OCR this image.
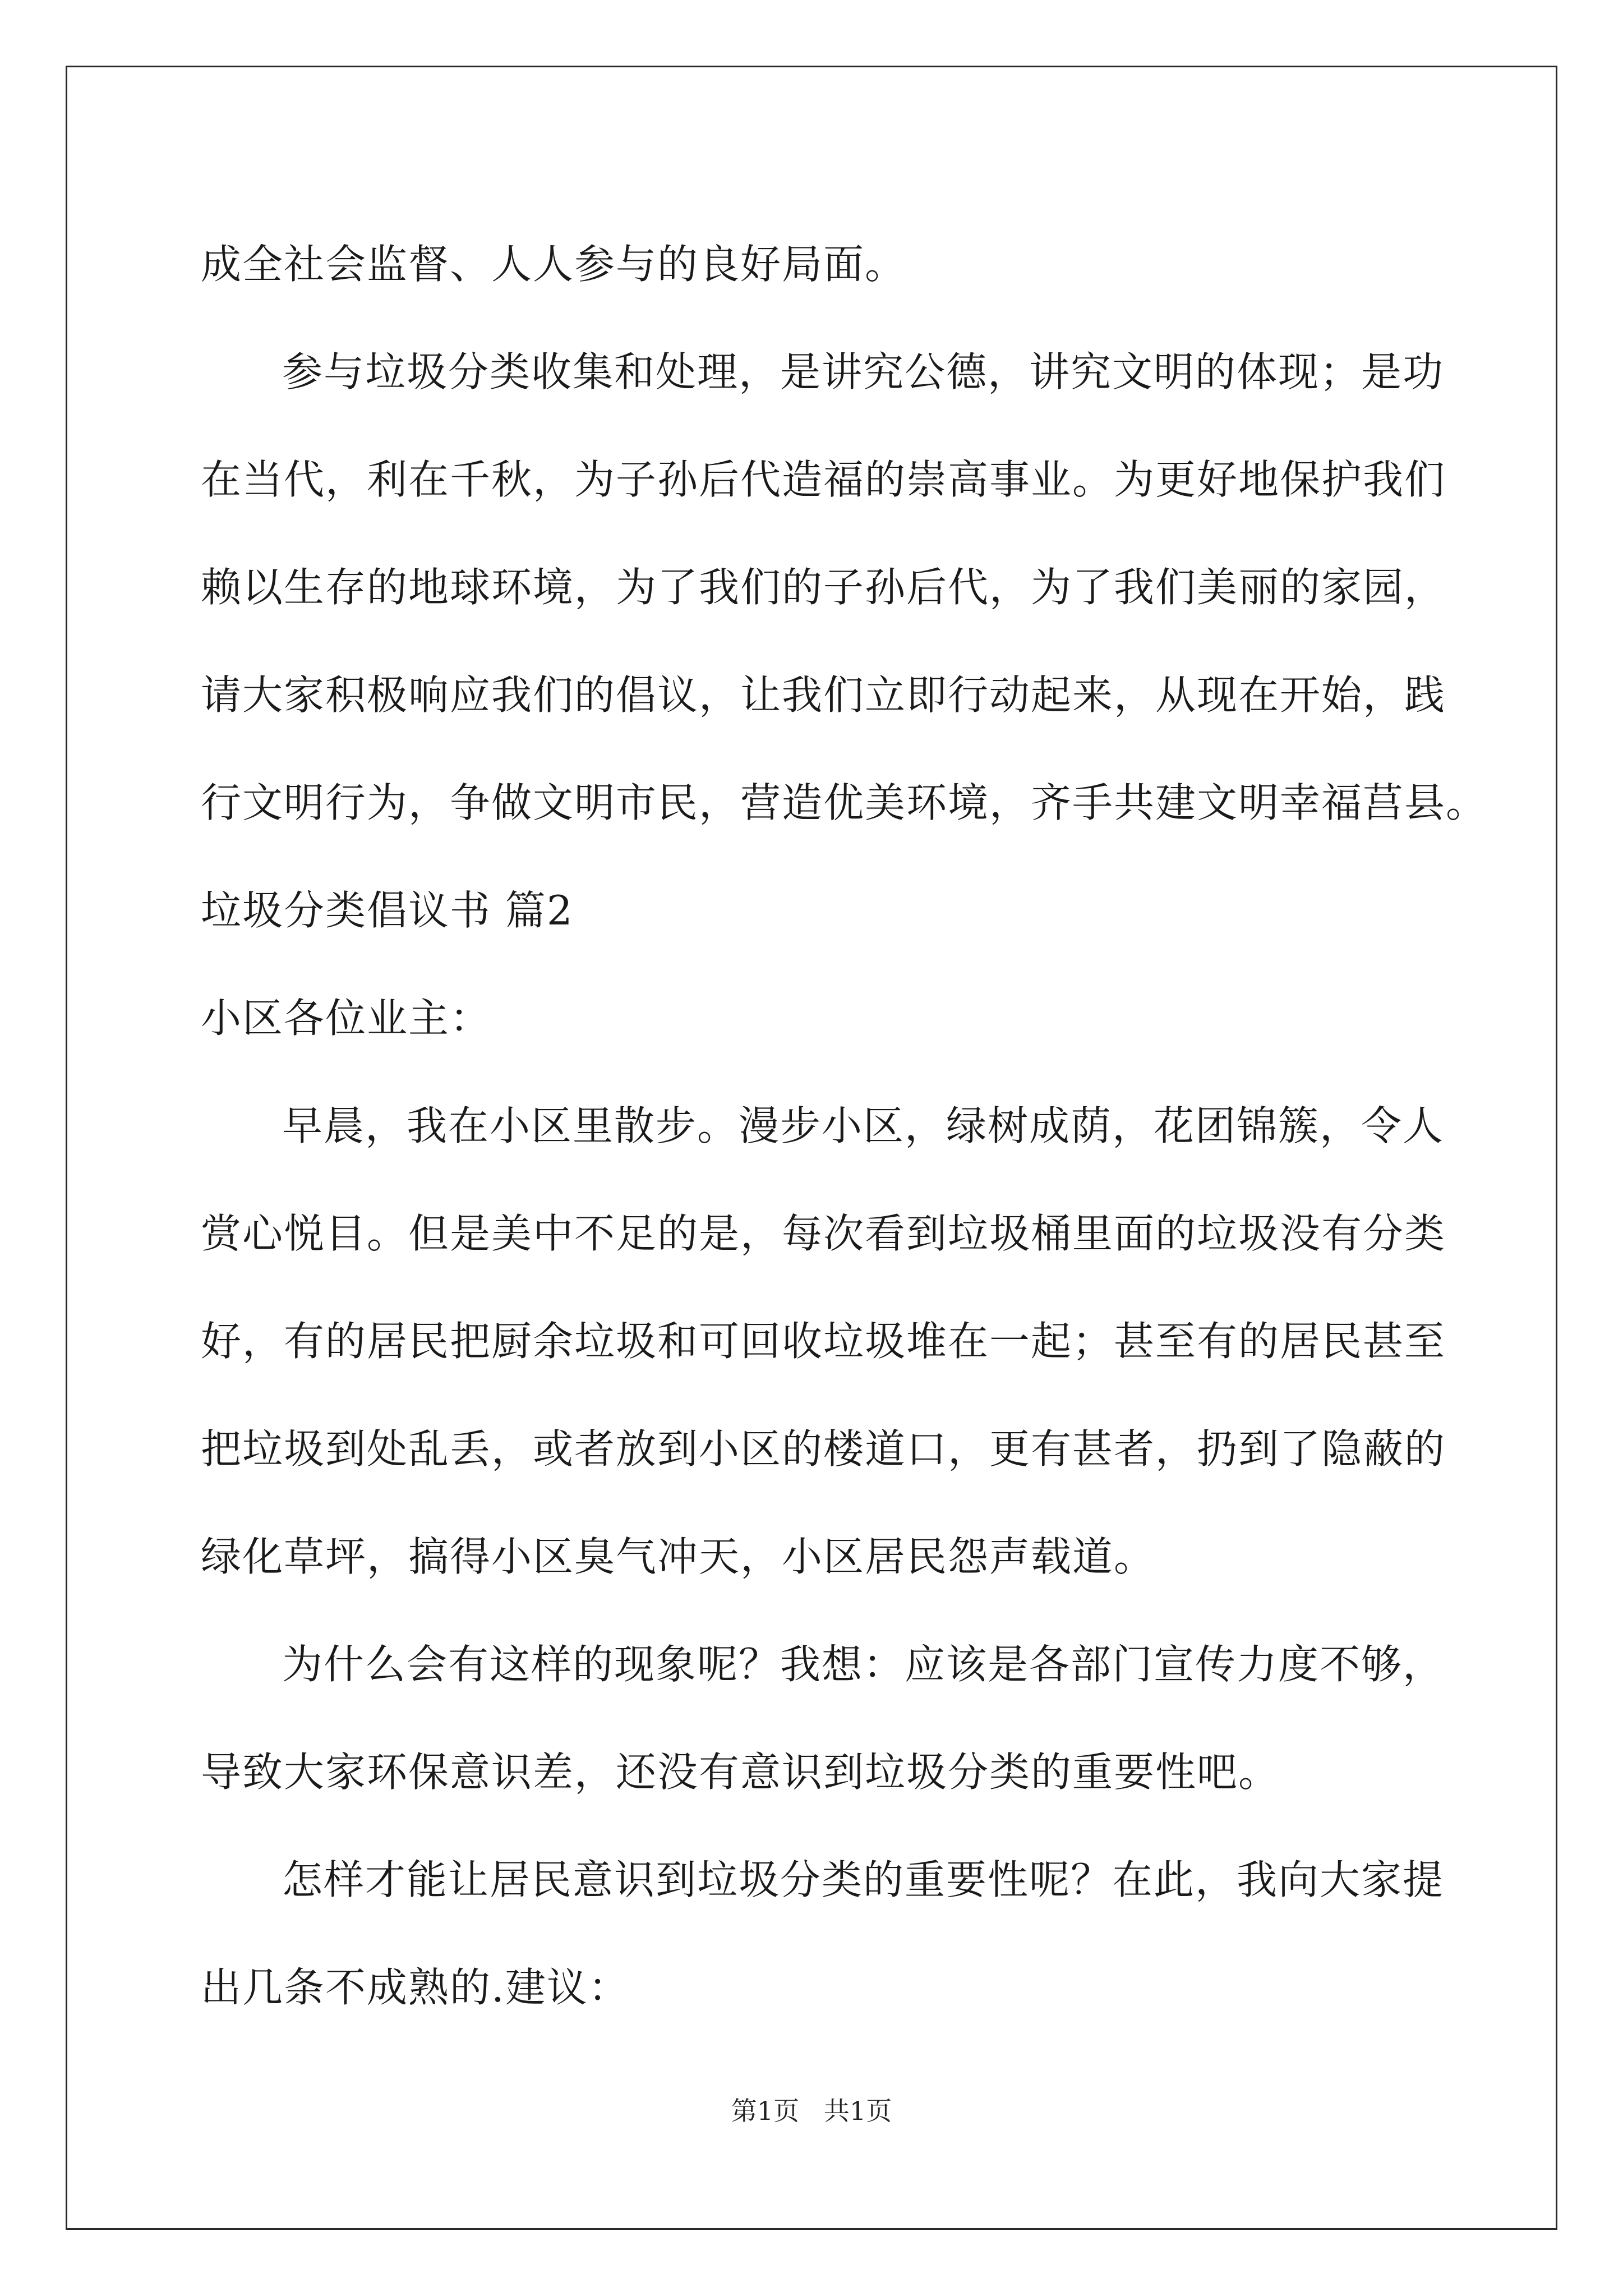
成全社会监督、人人参与的良好局面。
参与垃圾分类收集和处理，是讲究公德，讲究文明的体现；是功
在当代，利在千秋，为子孙后代造福的崇高事业。为更好地保护我们
赖以生存的地球环境，为了我们的子孙后代，为了我们美丽的家园，
请大家积极响应我们的倡议，让我们立即行动起来，从现在开始，践
行文明行为，争做文明市民，营造优美环境，齐手共建文明幸福莒县。
垃圾分类倡议书 篇2
小区各位业主：
早晨，我在小区里散步。漫步小区，绿树成荫，花团锦簇，令人
赏心悦目。但是美中不足的是，每次看到垃圾桶里面的垃圾没有分类
好，有的居民把厨余垃圾和可回收垃圾堆在一起；甚至有的居民甚至
把垃圾到处乱丢，或者放到小区的楼道口，更有甚者，扔到了隐蔽的
绿化草坪，搞得小区臭气冲天，小区居民怨声载道。
为什么会有这样的现象呢？我想：应该是各部门宣传力度不够，
导致大家环保意识差，还没有意识到垃圾分类的重要性吧。
怎样才能让居民意识到垃圾分类的重要性呢？在此，我向大家提
出几条不成熟的.建议：
第1页   共1页
